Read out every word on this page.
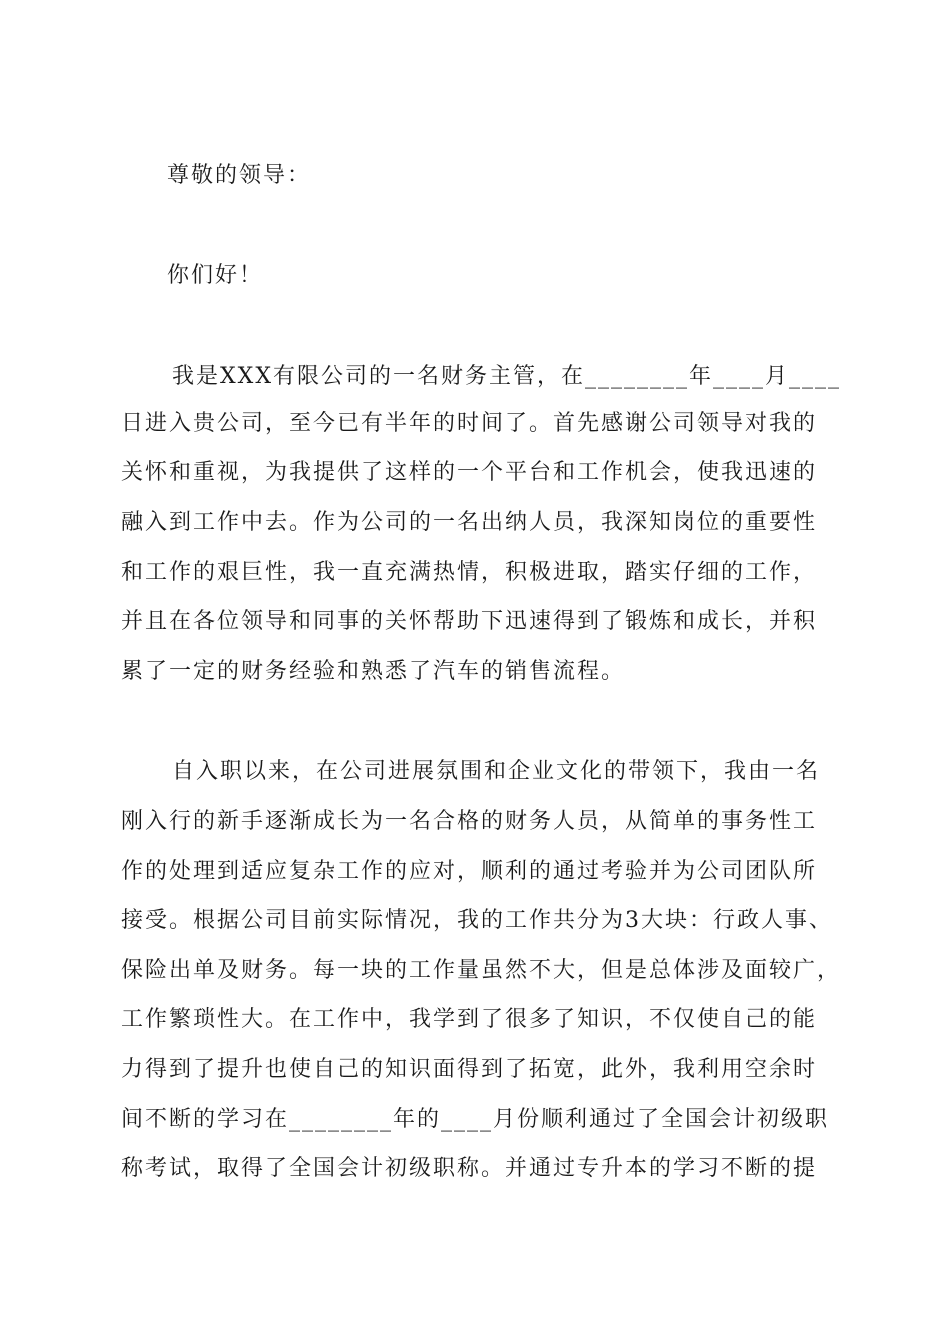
尊敬的领导：
你们好！
我是XXX有限公司的一名财务主管，在________年____月____
日进入贵公司，至今已有半年的时间了。首先感谢公司领导对我的
关怀和重视，为我提供了这样的一个平台和工作机会，使我迅速的
融入到工作中去。作为公司的一名出纳人员，我深知岗位的重要性
和工作的艰巨性，我一直充满热情，积极进取，踏实仔细的工作，
并且在各位领导和同事的关怀帮助下迅速得到了锻炼和成长，并积
累了一定的财务经验和熟悉了汽车的销售流程。
自入职以来，在公司进展氛围和企业文化的带领下，我由一名
刚入行的新手逐渐成长为一名合格的财务人员，从简单的事务性工
作的处理到适应复杂工作的应对，顺利的通过考验并为公司团队所
接受。根据公司目前实际情况，我的工作共分为3大块：行政人事、
保险出单及财务。每一块的工作量虽然不大，但是总体涉及面较广，
工作繁琐性大。在工作中，我学到了很多了知识，不仅使自己的能
力得到了提升也使自己的知识面得到了拓宽，此外，我利用空余时
间不断的学习在________年的____月份顺利通过了全国会计初级职
称考试，取得了全国会计初级职称。并通过专升本的学习不断的提
